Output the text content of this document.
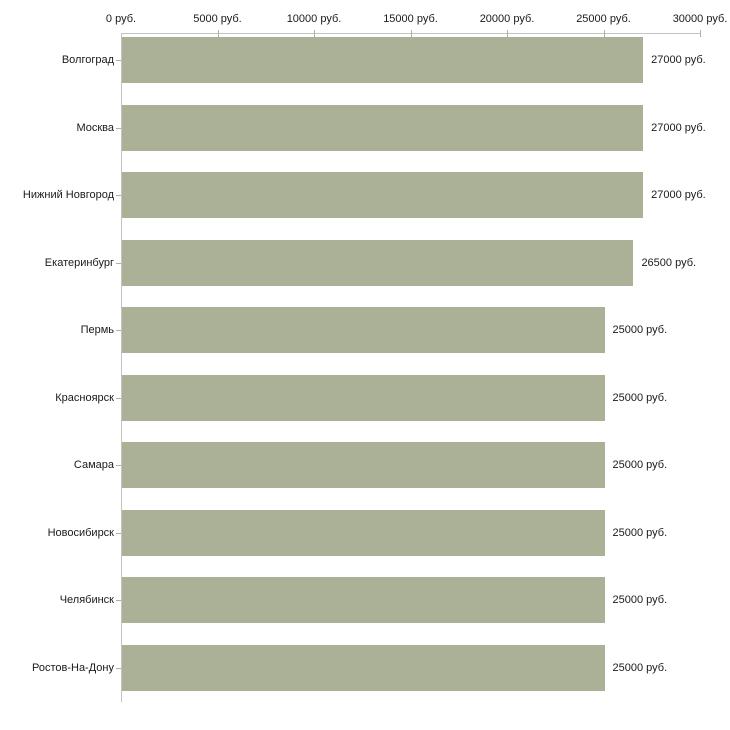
0 руб.	5000 руб.	10000 руб.	15000 руб.	20000 руб.	25000 руб.	30000 руб.
Волгоград	27000 руб.
Москва	27000 руб.
Нижний Новгород	27000 руб.
Екатеринбург	26500 руб.
Пермь	25000 руб.
Красноярск	25000 руб.
Самара	25000 руб.
Новосибирск	25000 руб.
Челябинск	25000 руб.
Ростов-На-Дону	25000 руб.
